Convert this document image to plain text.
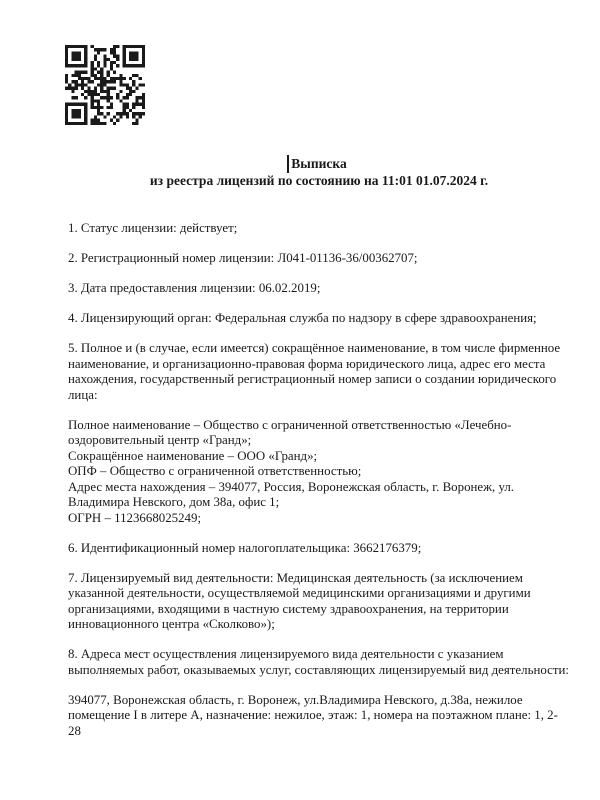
Выписка
из реестра лицензий по состоянию на 11:01 01.07.2024 г.
1. Статус лицензии: действует;
2. Регистрационный номер лицензии: Л041-01136-36/00362707;
3. Дата предоставления лицензии: 06.02.2019;
4. Лицензирующий орган: Федеральная служба по надзору в сфере здравоохранения;
5. Полное и (в случае, если имеется) сокращённое наименование, в том числе фирменное наименование, и организационно-правовая форма юридического лица, адрес его места нахождения, государственный регистрационный номер записи о создании юридического лица:
Полное наименование – Общество с ограниченной ответственностью «Лечебно-оздоровительный центр «Гранд»;
Сокращённое наименование – ООО «Гранд»;
ОПФ – Общество с ограниченной ответственностью;
Адрес места нахождения – 394077, Россия, Воронежская область, г. Воронеж, ул. Владимира Невского, дом 38а, офис 1;
ОГРН – 1123668025249;
6. Идентификационный номер налогоплательщика: 3662176379;
7. Лицензируемый вид деятельности: Медицинская деятельность (за исключением указанной деятельности, осуществляемой медицинскими организациями и другими организациями, входящими в частную систему здравоохранения, на территории инновационного центра «Сколково»);
8. Адреса мест осуществления лицензируемого вида деятельности с указанием выполняемых работ, оказываемых услуг, составляющих лицензируемый вид деятельности:
394077, Воронежская область, г. Воронеж, ул.Владимира Невского, д.38а, нежилое помещение I в литере А, назначение: нежилое, этаж: 1, номера на поэтажном плане: 1, 2-28
